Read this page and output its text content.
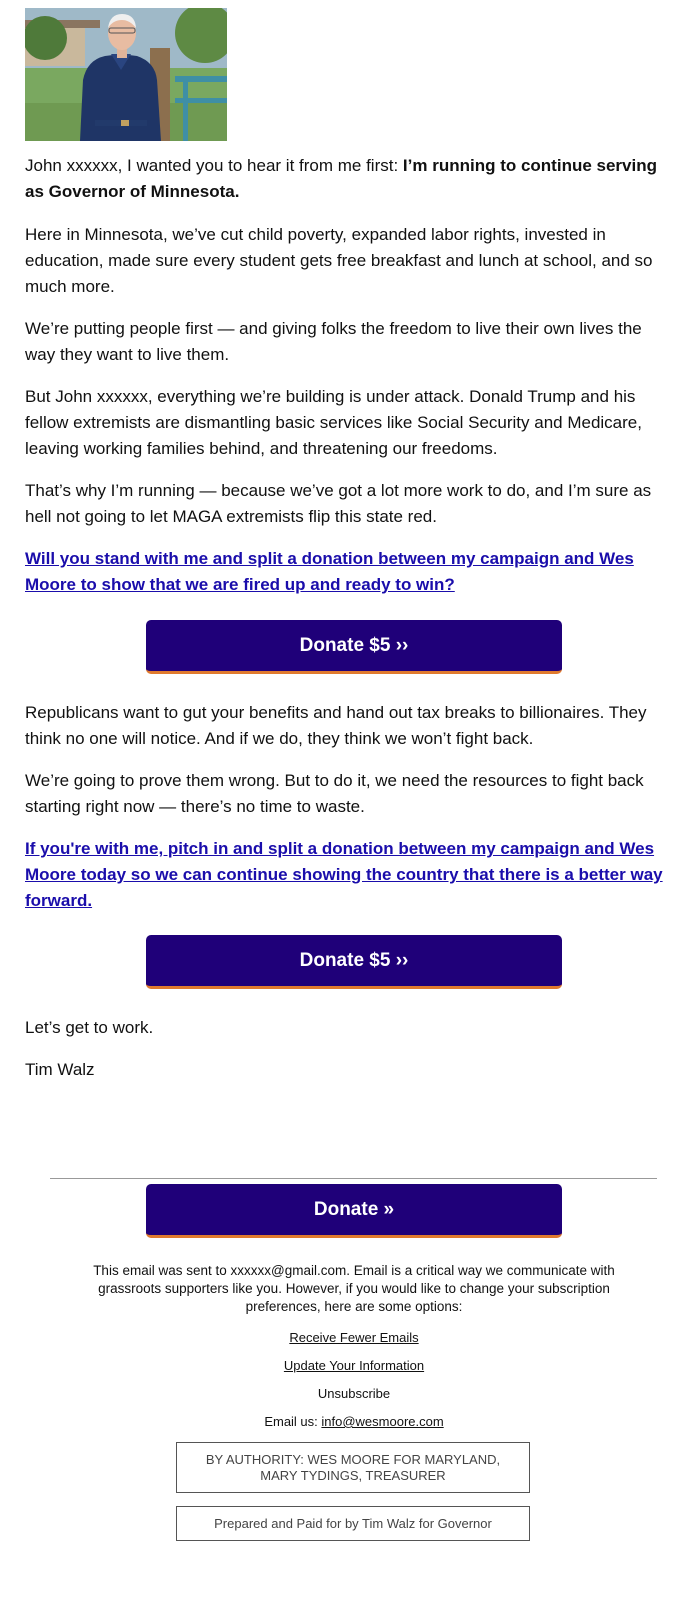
John xxxxxx, I wanted you to hear it from me first: I’m running to continue serving as Governor of Minnesota.

Here in Minnesota, we’ve cut child poverty, expanded labor rights, invested in education, made sure every student gets free breakfast and lunch at school, and so much more.

We’re putting people first — and giving folks the freedom to live their own lives the way they want to live them.

But John xxxxxx, everything we’re building is under attack. Donald Trump and his fellow extremists are dismantling basic services like Social Security and Medicare, leaving working families behind, and threatening our freedoms.

That’s why I’m running — because we’ve got a lot more work to do, and I’m sure as hell not going to let MAGA extremists flip this state red.

Will you stand with me and split a donation between my campaign and Wes Moore to show that we are fired up and ready to win?

Donate $5 ››

Republicans want to gut your benefits and hand out tax breaks to billionaires. They think no one will notice. And if we do, they think we won’t fight back.

We’re going to prove them wrong. But to do it, we need the resources to fight back starting right now — there’s no time to waste.

If you're with me, pitch in and split a donation between my campaign and Wes Moore today so we can continue showing the country that there is a better way forward.

Donate $5 ››

Let’s get to work.

Tim Walz

Donate »

This email was sent to xxxxxx@gmail.com. Email is a critical way we communicate with grassroots supporters like you. However, if you would like to change your subscription preferences, here are some options:

Receive Fewer Emails

Update Your Information

Unsubscribe

Email us: info@wesmoore.com

BY AUTHORITY: WES MOORE FOR MARYLAND,
MARY TYDINGS, TREASURER
Prepared and Paid for by Tim Walz for Governor
